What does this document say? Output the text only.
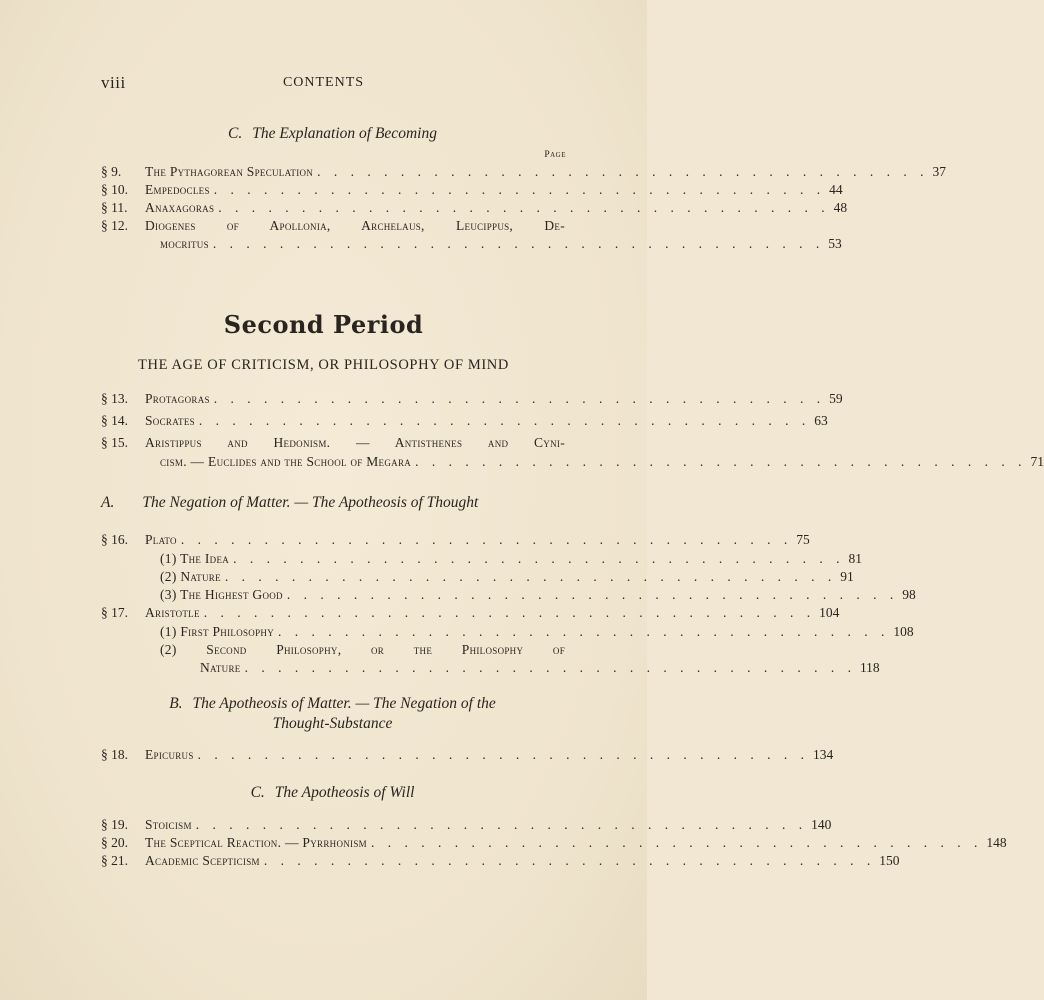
viii	CONTENTS
C. The Explanation of Becoming
Page
§ 9.	The Pythagorean Speculation . . . . . . . . . . . . . . . . . . . . . . . . . . . . . . . . . . . . . 37
§ 10.	Empedocles . . . . . . . . . . . . . . . . . . . . . . . . . . . . . . . . . . . . . 44
§ 11.	Anaxagoras . . . . . . . . . . . . . . . . . . . . . . . . . . . . . . . . . . . . . 48
§ 12.	Diogenes of Apollonia, Archelaus, Leucippus, De-
mocritus . . . . . . . . . . . . . . . . . . . . . . . . . . . . . . . . . . . . . 53
Second Period
THE AGE OF CRITICISM, OR PHILOSOPHY OF MIND
§ 13.	Protagoras . . . . . . . . . . . . . . . . . . . . . . . . . . . . . . . . . . . . . 59
§ 14.	Socrates . . . . . . . . . . . . . . . . . . . . . . . . . . . . . . . . . . . . . 63
§ 15.	Aristippus and Hedonism. — Antisthenes and Cyni-
cism. — Euclides and the School of Megara . . . . . . . . . . . . . . . . . . . . . . . . . . . . . . . . . . . . . 71
A. The Negation of Matter. — The Apotheosis of Thought
§ 16.	Plato . . . . . . . . . . . . . . . . . . . . . . . . . . . . . . . . . . . . . 75
(1) The Idea . . . . . . . . . . . . . . . . . . . . . . . . . . . . . . . . . . . . . 81
(2) Nature . . . . . . . . . . . . . . . . . . . . . . . . . . . . . . . . . . . . . 91
(3) The Highest Good . . . . . . . . . . . . . . . . . . . . . . . . . . . . . . . . . . . . . 98
§ 17.	Aristotle . . . . . . . . . . . . . . . . . . . . . . . . . . . . . . . . . . . . . 104
(1) First Philosophy . . . . . . . . . . . . . . . . . . . . . . . . . . . . . . . . . . . . . 108
(2) Second Philosophy, or the Philosophy of
Nature . . . . . . . . . . . . . . . . . . . . . . . . . . . . . . . . . . . . . 118
B. The Apotheosis of Matter. — The Negation of the
Thought-Substance
§ 18.	Epicurus . . . . . . . . . . . . . . . . . . . . . . . . . . . . . . . . . . . . . 134
C. The Apotheosis of Will
§ 19.	Stoicism . . . . . . . . . . . . . . . . . . . . . . . . . . . . . . . . . . . . . 140
§ 20.	The Sceptical Reaction. — Pyrrhonism . . . . . . . . . . . . . . . . . . . . . . . . . . . . . . . . . . . . . 148
§ 21.	Academic Scepticism . . . . . . . . . . . . . . . . . . . . . . . . . . . . . . . . . . . . . 150
